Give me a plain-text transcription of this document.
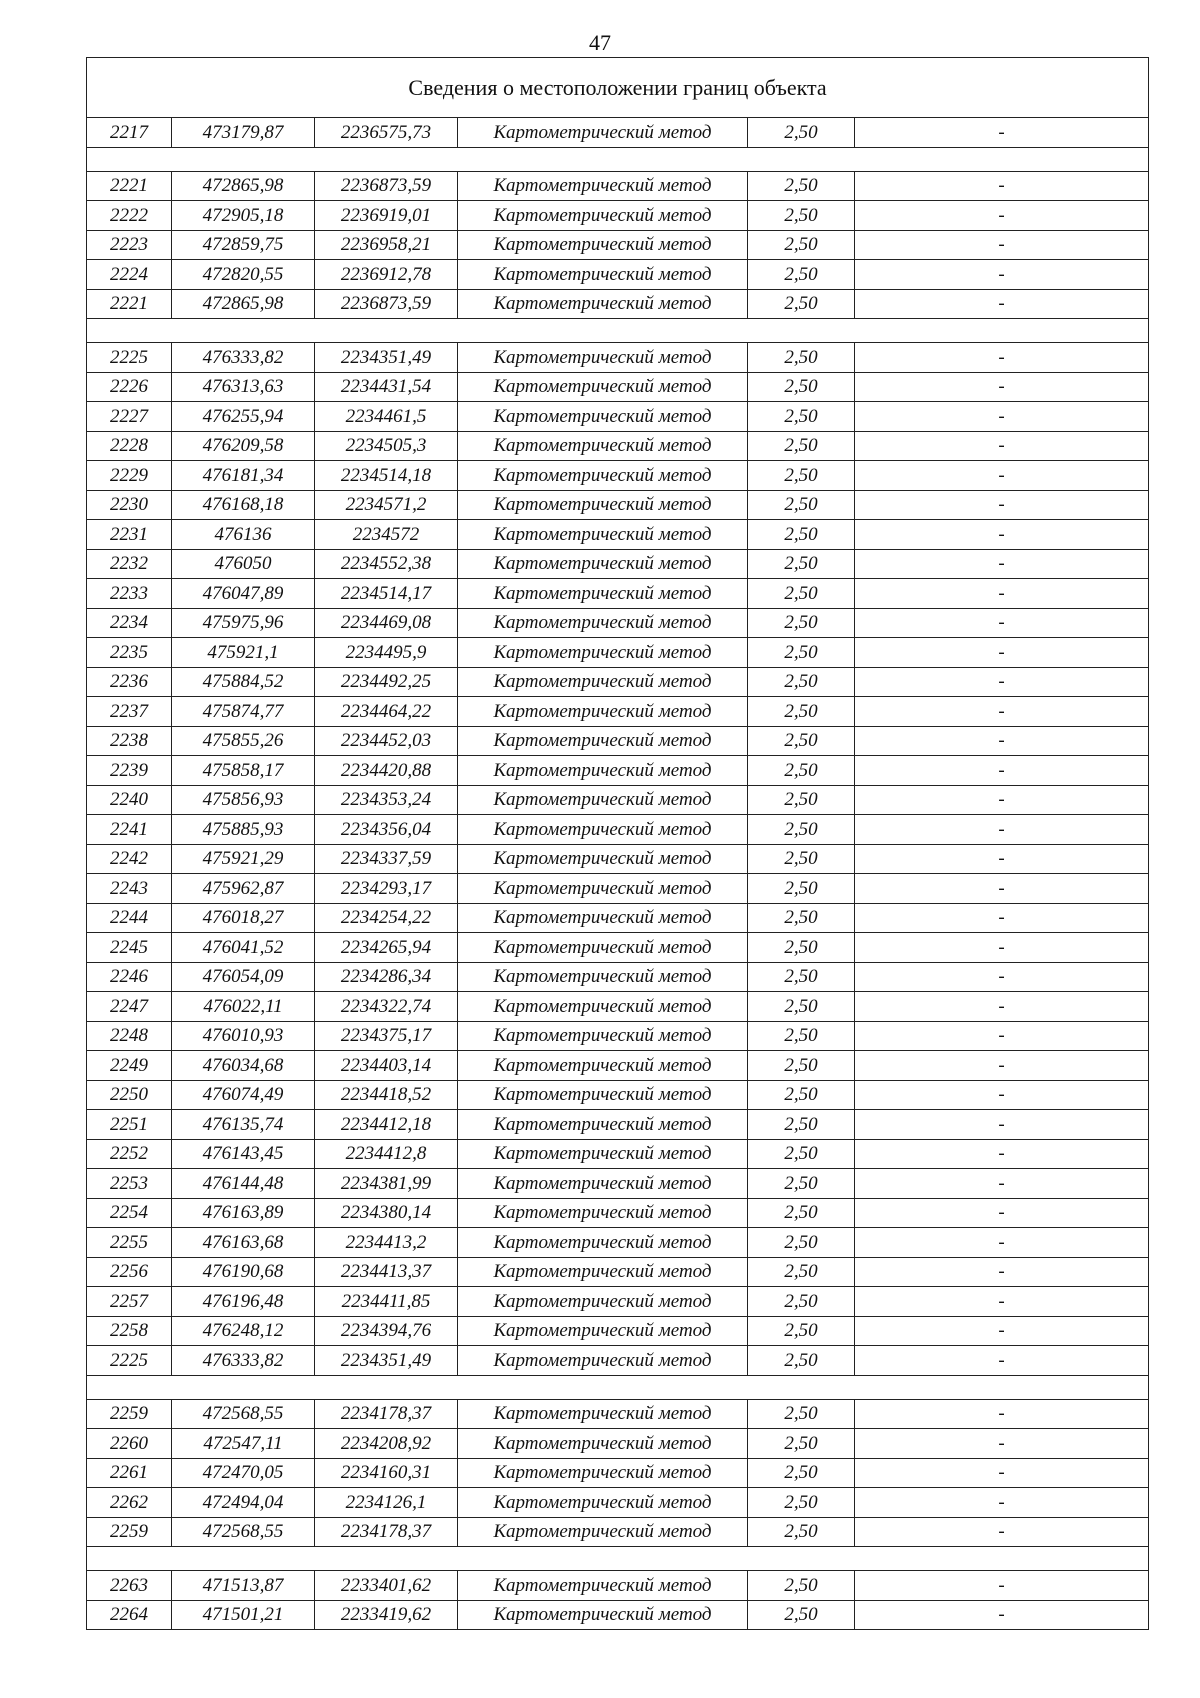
47
Сведения о местоположении границ объекта					
2217	473179,87	2236575,73	Картометрический метод	2,50	-

2221	472865,98	2236873,59	Картометрический метод	2,50	-
2222	472905,18	2236919,01	Картометрический метод	2,50	-
2223	472859,75	2236958,21	Картометрический метод	2,50	-
2224	472820,55	2236912,78	Картометрический метод	2,50	-
2221	472865,98	2236873,59	Картометрический метод	2,50	-

2225	476333,82	2234351,49	Картометрический метод	2,50	-
2226	476313,63	2234431,54	Картометрический метод	2,50	-
2227	476255,94	2234461,5	Картометрический метод	2,50	-
2228	476209,58	2234505,3	Картометрический метод	2,50	-
2229	476181,34	2234514,18	Картометрический метод	2,50	-
2230	476168,18	2234571,2	Картометрический метод	2,50	-
2231	476136	2234572	Картометрический метод	2,50	-
2232	476050	2234552,38	Картометрический метод	2,50	-
2233	476047,89	2234514,17	Картометрический метод	2,50	-
2234	475975,96	2234469,08	Картометрический метод	2,50	-
2235	475921,1	2234495,9	Картометрический метод	2,50	-
2236	475884,52	2234492,25	Картометрический метод	2,50	-
2237	475874,77	2234464,22	Картометрический метод	2,50	-
2238	475855,26	2234452,03	Картометрический метод	2,50	-
2239	475858,17	2234420,88	Картометрический метод	2,50	-
2240	475856,93	2234353,24	Картометрический метод	2,50	-
2241	475885,93	2234356,04	Картометрический метод	2,50	-
2242	475921,29	2234337,59	Картометрический метод	2,50	-
2243	475962,87	2234293,17	Картометрический метод	2,50	-
2244	476018,27	2234254,22	Картометрический метод	2,50	-
2245	476041,52	2234265,94	Картометрический метод	2,50	-
2246	476054,09	2234286,34	Картометрический метод	2,50	-
2247	476022,11	2234322,74	Картометрический метод	2,50	-
2248	476010,93	2234375,17	Картометрический метод	2,50	-
2249	476034,68	2234403,14	Картометрический метод	2,50	-
2250	476074,49	2234418,52	Картометрический метод	2,50	-
2251	476135,74	2234412,18	Картометрический метод	2,50	-
2252	476143,45	2234412,8	Картометрический метод	2,50	-
2253	476144,48	2234381,99	Картометрический метод	2,50	-
2254	476163,89	2234380,14	Картометрический метод	2,50	-
2255	476163,68	2234413,2	Картометрический метод	2,50	-
2256	476190,68	2234413,37	Картометрический метод	2,50	-
2257	476196,48	2234411,85	Картометрический метод	2,50	-
2258	476248,12	2234394,76	Картометрический метод	2,50	-
2225	476333,82	2234351,49	Картометрический метод	2,50	-

2259	472568,55	2234178,37	Картометрический метод	2,50	-
2260	472547,11	2234208,92	Картометрический метод	2,50	-
2261	472470,05	2234160,31	Картометрический метод	2,50	-
2262	472494,04	2234126,1	Картометрический метод	2,50	-
2259	472568,55	2234178,37	Картометрический метод	2,50	-

2263	471513,87	2233401,62	Картометрический метод	2,50	-
2264	471501,21	2233419,62	Картометрический метод	2,50	-
